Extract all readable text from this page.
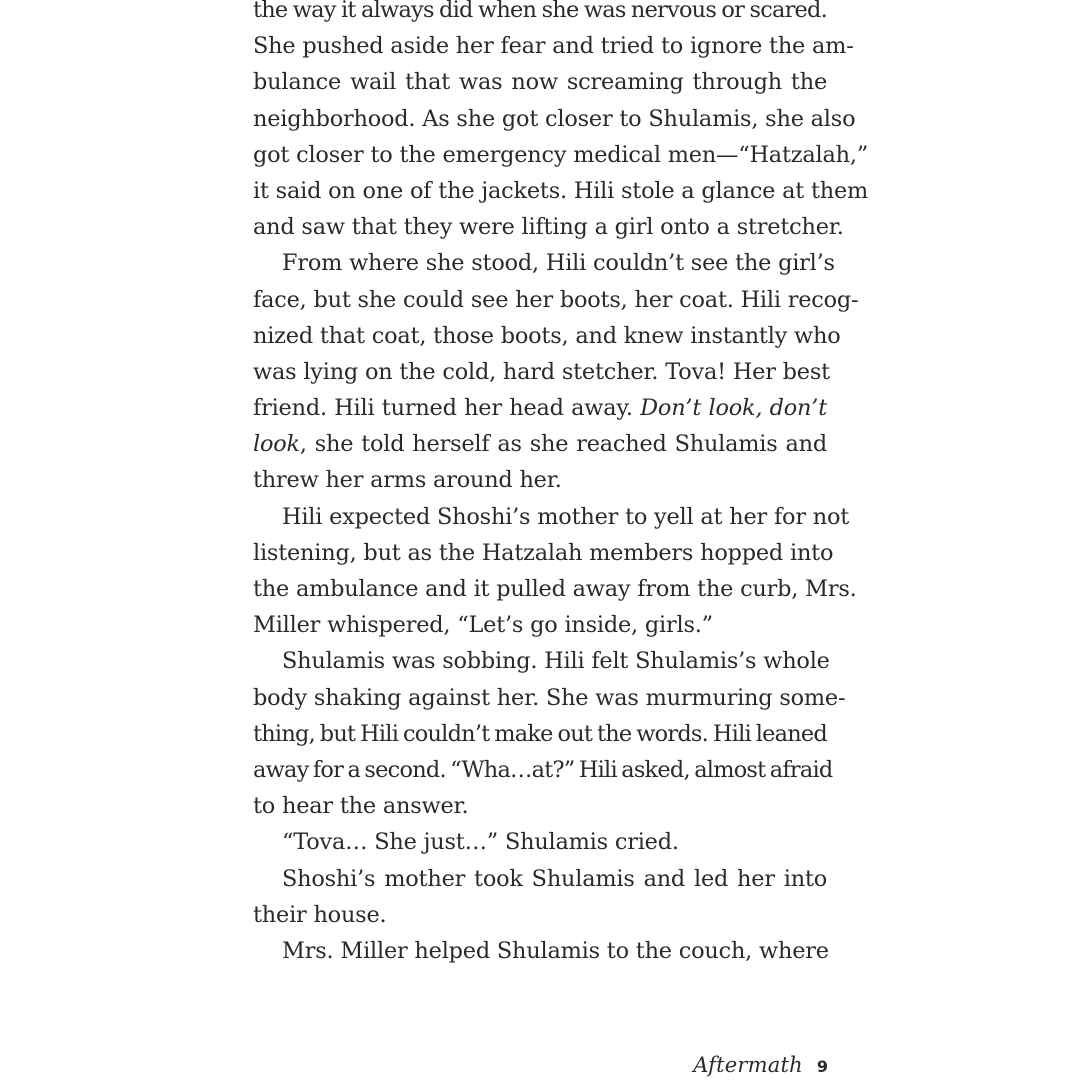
the way it always did when she was nervous or scared.
She pushed aside her fear and tried to ignore the am-
bulance wail that was now screaming through the
neighborhood. As she got closer to Shulamis, she also
got closer to the emergency medical men—“Hatzalah,”
it said on one of the jackets. Hili stole a glance at them
and saw that they were lifting a girl onto a stretcher.
From where she stood, Hili couldn’t see the girl’s
face, but she could see her boots, her coat. Hili recog-
nized that coat, those boots, and knew instantly who
was lying on the cold, hard stetcher. Tova! Her best
friend. Hili turned her head away. Don’t look, don’t
look, she told herself as she reached Shulamis and
threw her arms around her.
Hili expected Shoshi’s mother to yell at her for not
listening, but as the Hatzalah members hopped into
the ambulance and it pulled away from the curb, Mrs.
Miller whispered, “Let’s go inside, girls.”
Shulamis was sobbing. Hili felt Shulamis’s whole
body shaking against her. She was murmuring some-
thing, but Hili couldn’t make out the words. Hili leaned
away for a second. “Wha…at?” Hili asked, almost afraid
to hear the answer.
“Tova… She just…” Shulamis cried.
Shoshi’s mother took Shulamis and led her into
their house.
Mrs. Miller helped Shulamis to the couch, where
Aftermath 9
